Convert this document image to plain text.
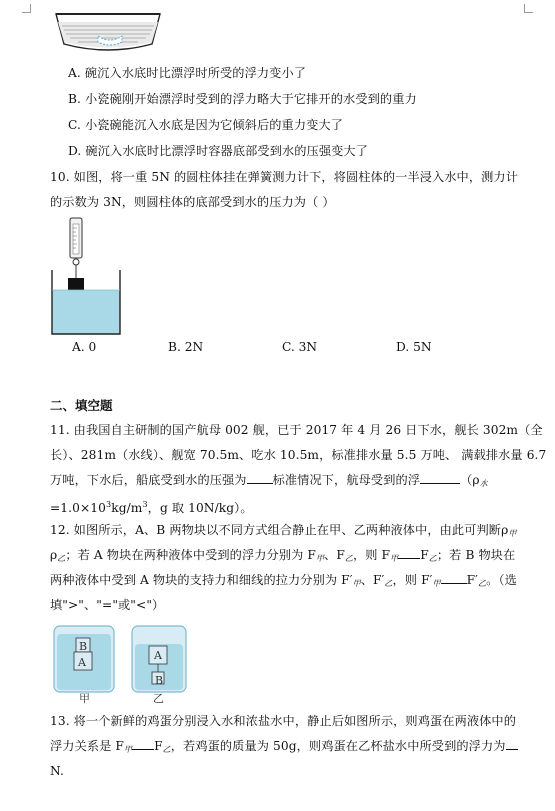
A. 碗沉入水底时比漂浮时所受的浮力变小了
B. 小瓷碗刚开始漂浮时受到的浮力略大于它排开的水受到的重力
C. 小瓷碗能沉入水底是因为它倾斜后的重力变大了
D. 碗沉入水底时比漂浮时容器底部受到水的压强变大了
10. 如图，将一重 5N 的圆柱体挂在弹簧测力计下，将圆柱体的一半浸入水中，测力计
的示数为 3N，则圆柱体的底部受到水的压力为（ ）
A. 0	B. 2N	C. 3N	D. 5N
二、填空题
11. 由我国自主研制的国产航母 002 舰，已于 2017 年 4 月 26 日下水，舰长 302m（全
长）、281m（水线）、舰宽 70.5m、吃水 10.5m，标准排水量 5.5 万吨、 满载排水量 6.7
万吨，下水后，船底受到水的压强为 标准情况下，航母受到的浮	（$\rho_水$
$=1.0\times 10^3kg/m^3$，g 取 10N/kg）。
12. 如图所示，A、B 两物块以不同方式组合静止在甲、乙两种液体中，由此可判断$\rho_甲$
$\rho_乙$；若 A 物块在两种液体中受到的浮力分别为 $F_甲$、$F_乙$，则 $F_甲$ $F_乙$；若 B 物块在
两种液体中受到 A 物块的支持力和细线的拉力分别为 $F'_甲$、$F'_乙$，则 $F'_甲$ $F'_乙$。（选
填">"、"="或"<"）
B
A
甲
A
B
乙
13. 将一个新鲜的鸡蛋分别浸入水和浓盐水中，静止后如图所示，则鸡蛋在两液体中的
浮力关系是 $F_甲$ $F_乙$，若鸡蛋的质量为 50g，则鸡蛋在乙杯盐水中所受到的浮力为
N.
